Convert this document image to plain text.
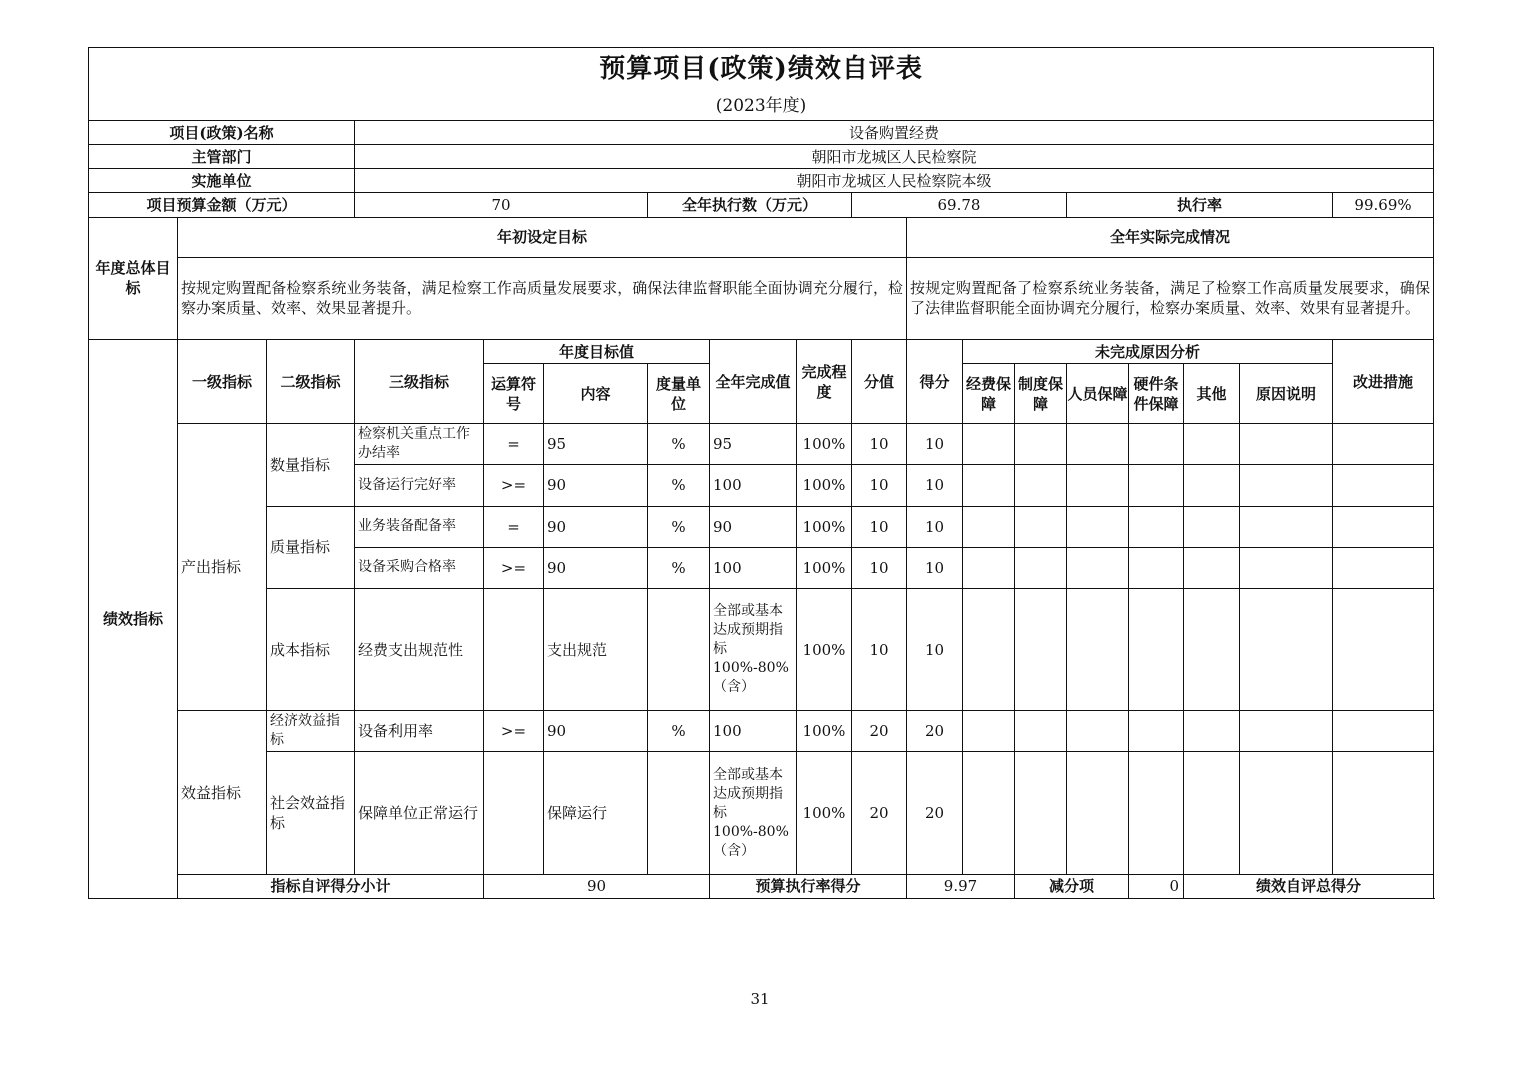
预算项目(政策)绩效自评表
(2023年度)																		

项目(政策)名称			设备购置经费															
主管部门			朝阳市龙城区人民检察院															
实施单位			朝阳市龙城区人民检察院本级															
项目预算金额（万元）			70			全年执行数（万元）			69.78				执行率				99.69%	
年度总体目标	年初设定目标									全年实际完成情况								
	按规定购置配备检察系统业务装备，满足检察工作高质量发展要求，确保法律监督职能全面协调充分履行，检察办案质量、效率、效果显著提升。									按规定购置配备了检察系统业务装备，满足了检察工作高质量发展要求，确保了法律监督职能全面协调充分履行，检察办案质量、效率、效果有显著提升。								
绩效指标	一级指标	二级指标	三级指标	年度目标值			全年完成值	完成程度	分值	得分	未完成原因分析						改进措施	
				运算符号	内容	度量单位					经费保障	制度保障	人员保障	硬件条件保障	其他	原因说明		
	产出指标	数量指标	检察机关重点工作办结率	=	95	%	95	100%	10	10								
			设备运行完好率	>=	90	%	100	100%	10	10								
		质量指标	业务装备配备率	=	90	%	90	100%	10	10								
			设备采购合格率	>=	90	%	100	100%	10	10								
		成本指标	经费支出规范性		支出规范		全部或基本达成预期指标100%-80%（含）	100%	10	10								
	效益指标	经济效益指标	设备利用率	>=	90	%	100	100%	20	20								
		社会效益指标	保障单位正常运行		保障运行		全部或基本达成预期指标100%-80%（含）	100%	20	20								
	指标自评得分小计			90			预算执行率得分			9.97		减分项		0	绩效自评总得分	
31
